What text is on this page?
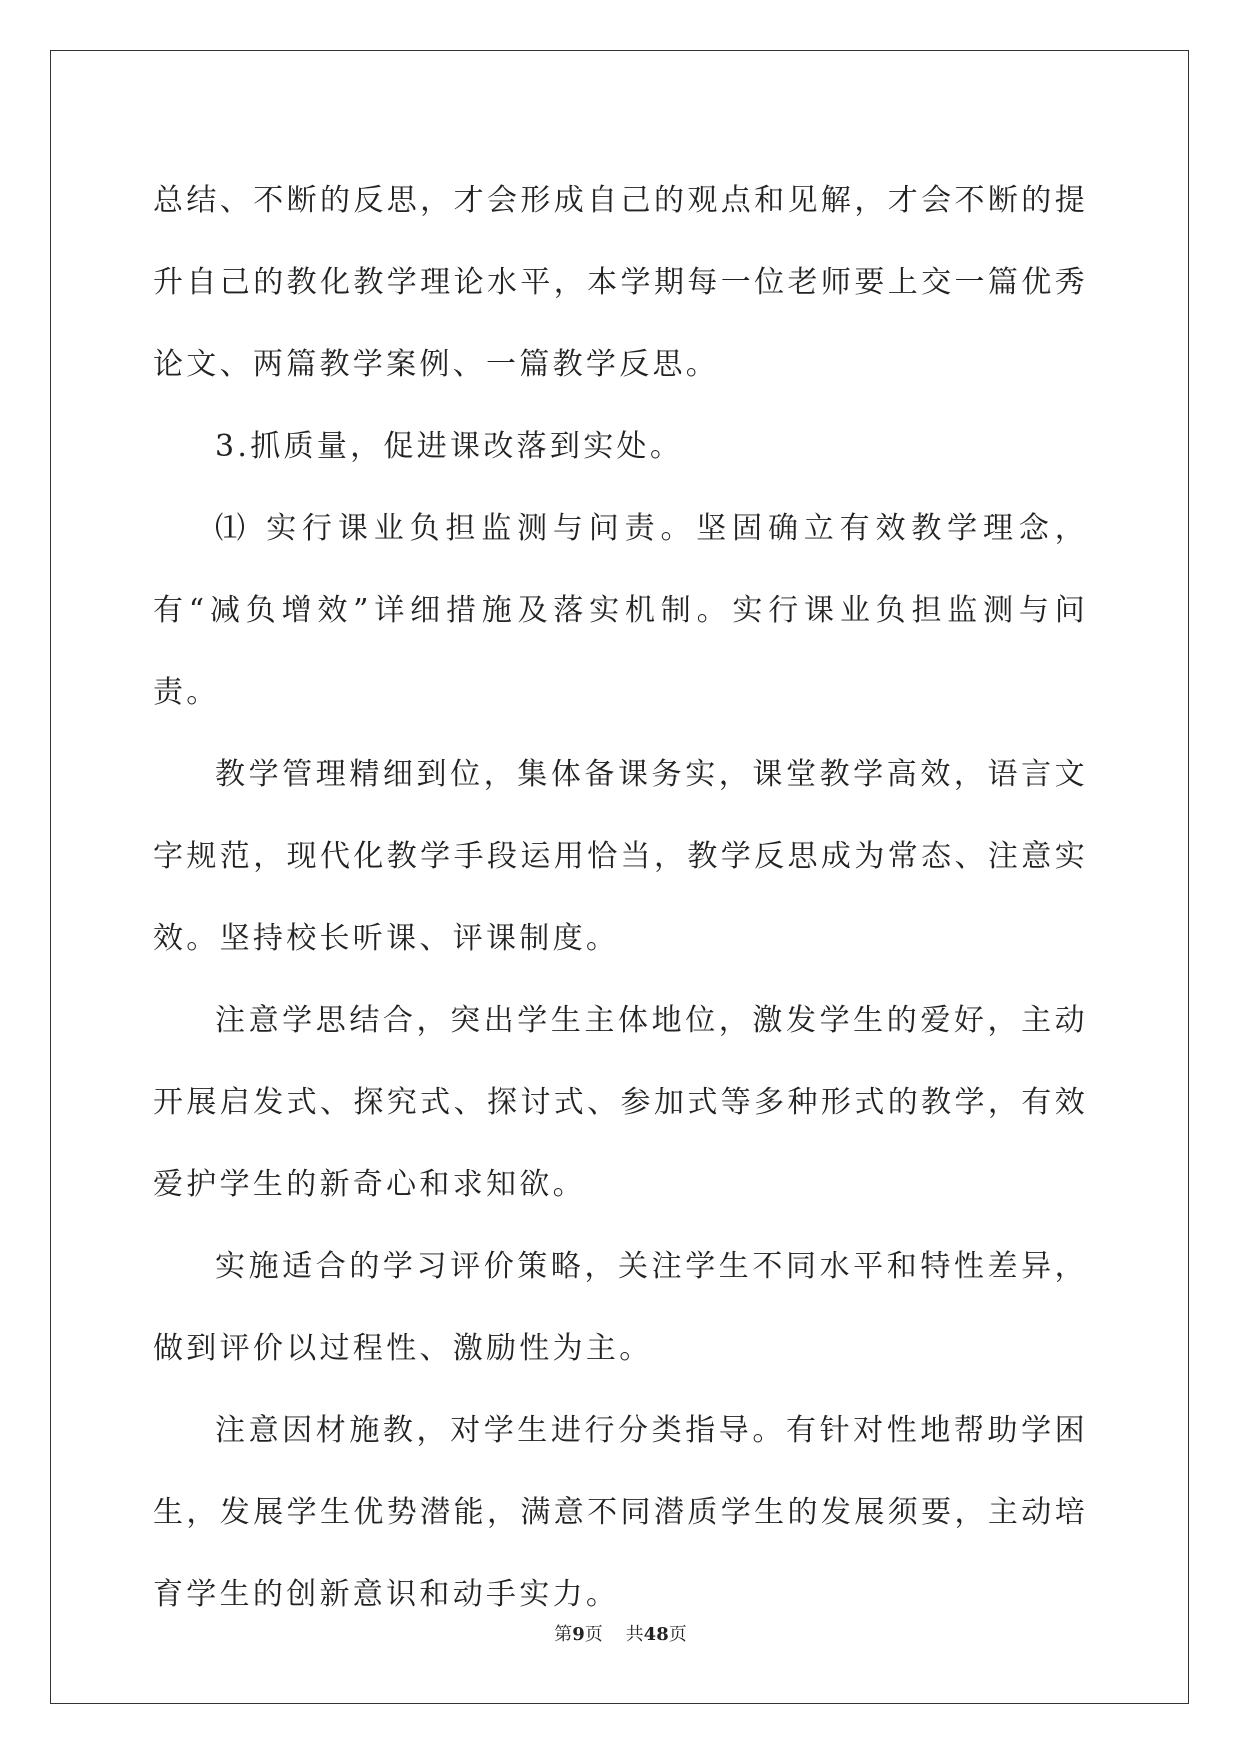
总结、不断的反思，才会形成自己的观点和见解，才会不断的提升自己的教化教学理论水平，本学期每一位老师要上交一篇优秀论文、两篇教学案例、一篇教学反思。

3.抓质量，促进课改落到实处。

⑴ 实行课业负担监测与问责。坚固确立有效教学理念，有“减负增效”详细措施及落实机制。实行课业负担监测与问责。

教学管理精细到位，集体备课务实，课堂教学高效，语言文字规范，现代化教学手段运用恰当，教学反思成为常态、注意实效。坚持校长听课、评课制度。

注意学思结合，突出学生主体地位，激发学生的爱好，主动开展启发式、探究式、探讨式、参加式等多种形式的教学，有效爱护学生的新奇心和求知欲。

实施适合的学习评价策略，关注学生不同水平和特性差异，做到评价以过程性、激励性为主。

注意因材施教，对学生进行分类指导。有针对性地帮助学困生，发展学生优势潜能，满意不同潜质学生的发展须要，主动培育学生的创新意识和动手实力。

第9页 共48页
